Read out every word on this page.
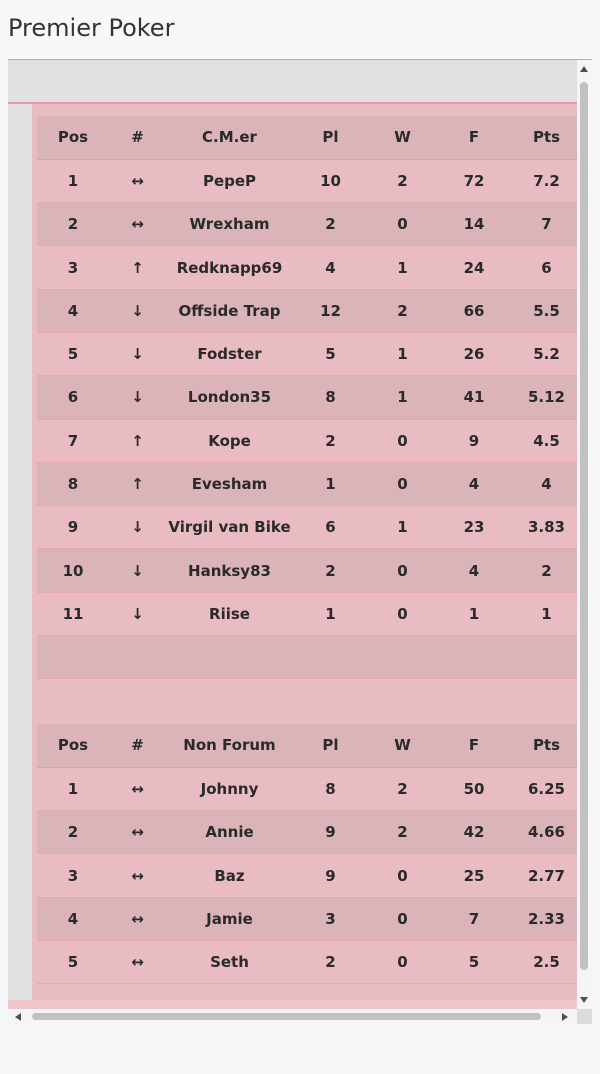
Premier Poker
Pos	#	C.M.er	Pl	W	F	Pts
1	↔	PepeP	10	2	72	7.2
2	↔	Wrexham	2	0	14	7
3	↑	Redknapp69	4	1	24	6
4	↓	Offside Trap	12	2	66	5.5
5	↓	Fodster	5	1	26	5.2
6	↓	London35	8	1	41	5.12
7	↑	Kope	2	0	9	4.5
8	↑	Evesham	1	0	4	4
9	↓	Virgil van Bike	6	1	23	3.83
10	↓	Hanksy83	2	0	4	2
11	↓	Riise	1	0	1	1

Pos	#	Non Forum	Pl	W	F	Pts
1	↔	Johnny	8	2	50	6.25
2	↔	Annie	9	2	42	4.66
3	↔	Baz	9	0	25	2.77
4	↔	Jamie	3	0	7	2.33
5	↔	Seth	2	0	5	2.5
